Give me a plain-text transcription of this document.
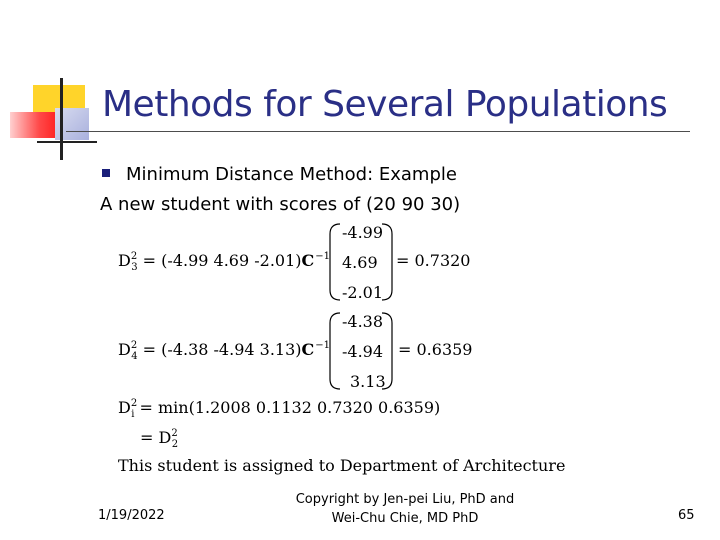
Methods for Several Populations
Minimum Distance Method: Example
A new student with scores of (20 90 30)
$D^2_3 = (-4.99$ 4.69 $-2.01)C^{-1}$
-4.99
4.69
-2.01
= 0.7320
$D^2_4 = (-4.38$ -4.94 $3.13)C^{-1}$
-4.38
-4.94
3.13
= 0.6359
$D^2_i = \min(1.2008$ 0.1132 0.7320 0.6359)
= $D^2_2$
This student is assigned to Department of Architecture
1/19/2022
Copyright by Jen-pei Liu, PhD and Wei-Chu Chie, MD PhD	65
